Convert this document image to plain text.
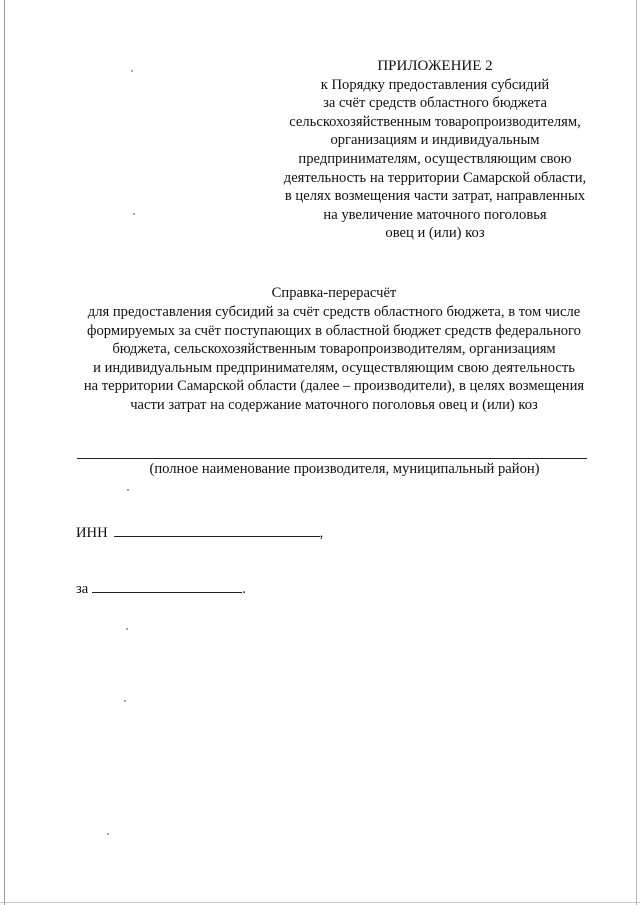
ПРИЛОЖЕНИЕ 2
к Порядку предоставления субсидий
за счёт средств областного бюджета
сельскохозяйственным товаропроизводителям,
организациям и индивидуальным
предпринимателям, осуществляющим свою
деятельность на территории Самарской области,
в целях возмещения части затрат, направленных
на увеличение маточного поголовья
овец и (или) коз
Справка-перерасчёт
для предоставления субсидий за счёт средств областного бюджета, в том числе
формируемых за счёт поступающих в областной бюджет средств федерального
бюджета, сельскохозяйственным товаропроизводителям, организациям
и индивидуальным предпринимателям, осуществляющим свою деятельность
на территории Самарской области (далее – производители), в целях возмещения
части затрат на содержание маточного поголовья овец и (или) коз
(полное наименование производителя, муниципальный район)
ИНН	,
за	.
